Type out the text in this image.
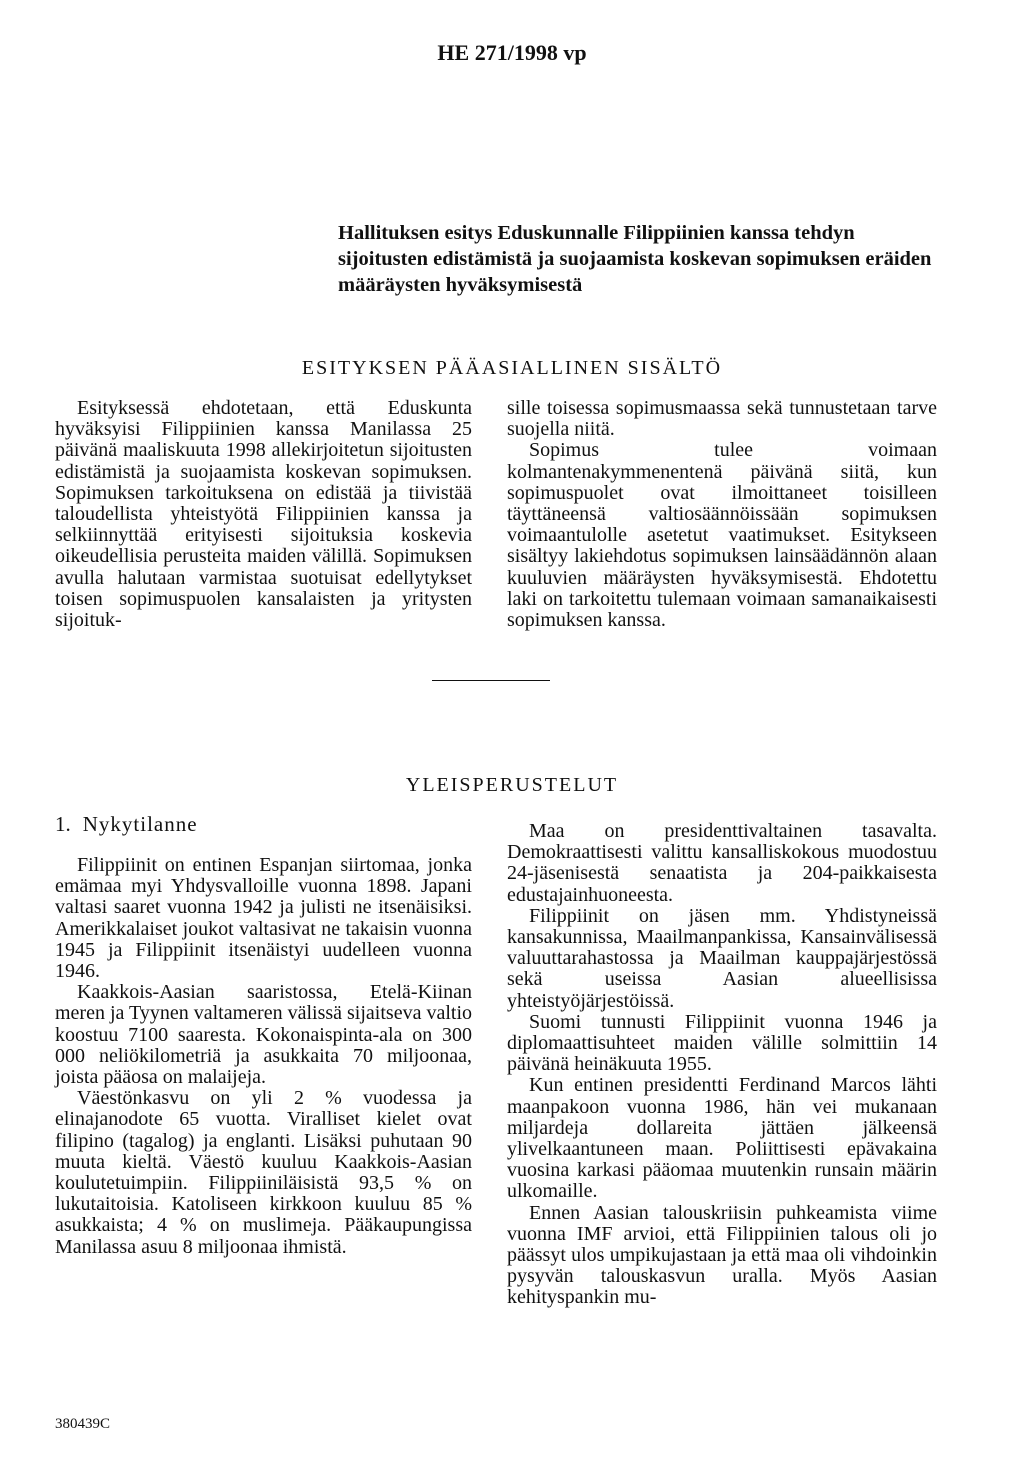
HE 271/1998 vp
Hallituksen esitys Eduskunnalle Filippiinien kanssa tehdyn sijoitusten edistämistä ja suojaamista koskevan sopimuksen eräiden määräysten hyväksymisestä
ESITYKSEN PÄÄASIALLINEN SISÄLTÖ

Esityksessä ehdotetaan, että Eduskunta hyväksyisi Filippiinien kanssa Manilassa 25 päivänä maaliskuuta 1998 allekirjoitetun sijoitusten edistämistä ja suojaamista koskevan sopimuksen. Sopimuksen tarkoituksena on edistää ja tiivistää taloudellista yhteistyötä Filippiinien kanssa ja selkiinnyttää erityisesti sijoituksia koskevia oikeudellisia perusteita maiden välillä. Sopimuksen avulla halutaan varmistaa suotuisat edellytykset toisen sopimuspuolen kansalaisten ja yritysten sijoituk-

sille toisessa sopimusmaassa sekä tunnustetaan tarve suojella niitä.

Sopimus tulee voimaan kolmantenakymmenentenä päivänä siitä, kun sopimuspuolet ovat ilmoittaneet toisilleen täyttäneensä valtiosäännöissään sopimuksen voimaantulolle asetetut vaatimukset. Esitykseen sisältyy lakiehdotus sopimuksen lainsäädännön alaan kuuluvien määräysten hyväksymisestä. Ehdotettu laki on tarkoitettu tulemaan voimaan samanaikaisesti sopimuksen kanssa.

YLEISPERUSTELUT
1. Nykytilanne

Filippiinit on entinen Espanjan siirtomaa, jonka emämaa myi Yhdysvalloille vuonna 1898. Japani valtasi saaret vuonna 1942 ja julisti ne itsenäisiksi. Amerikkalaiset joukot valtasivat ne takaisin vuonna 1945 ja Filippiinit itsenäistyi uudelleen vuonna 1946.

Kaakkois-Aasian saaristossa, Etelä-Kiinan meren ja Tyynen valtameren välissä sijaitseva valtio koostuu 7100 saaresta. Kokonaispinta-ala on 300 000 neliökilometriä ja asukkaita 70 miljoonaa, joista pääosa on malaijeja.

Väestönkasvu on yli 2 % vuodessa ja elinajanodote 65 vuotta. Viralliset kielet ovat filipino (tagalog) ja englanti. Lisäksi puhutaan 90 muuta kieltä. Väestö kuuluu Kaakkois-Aasian koulutetuimpiin. Filippiiniläisistä 93,5 % on lukutaitoisia. Katoliseen kirkkoon kuuluu 85 % asukkaista; 4 % on muslimeja. Pääkaupungissa Manilassa asuu 8 miljoonaa ihmistä.

Maa on presidenttivaltainen tasavalta. Demokraattisesti valittu kansalliskokous muodostuu 24-jäsenisestä senaatista ja 204-paikkaisesta edustajainhuoneesta.

Filippiinit on jäsen mm. Yhdistyneissä kansakunnissa, Maailmanpankissa, Kansainvälisessä valuuttarahastossa ja Maailman kauppajärjestössä sekä useissa Aasian alueellisissa yhteistyöjärjestöissä.

Suomi tunnusti Filippiinit vuonna 1946 ja diplomaattisuhteet maiden välille solmittiin 14 päivänä heinäkuuta 1955.

Kun entinen presidentti Ferdinand Marcos lähti maanpakoon vuonna 1986, hän vei mukanaan miljardeja dollareita jättäen jälkeensä ylivelkaantuneen maan. Poliittisesti epävakaina vuosina karkasi pääomaa muutenkin runsain määrin ulkomaille.

Ennen Aasian talouskriisin puhkeamista viime vuonna IMF arvioi, että Filippiinien talous oli jo päässyt ulos umpikujastaan ja että maa oli vihdoinkin pysyvän talouskasvun uralla. Myös Aasian kehityspankin mu-

380439C
